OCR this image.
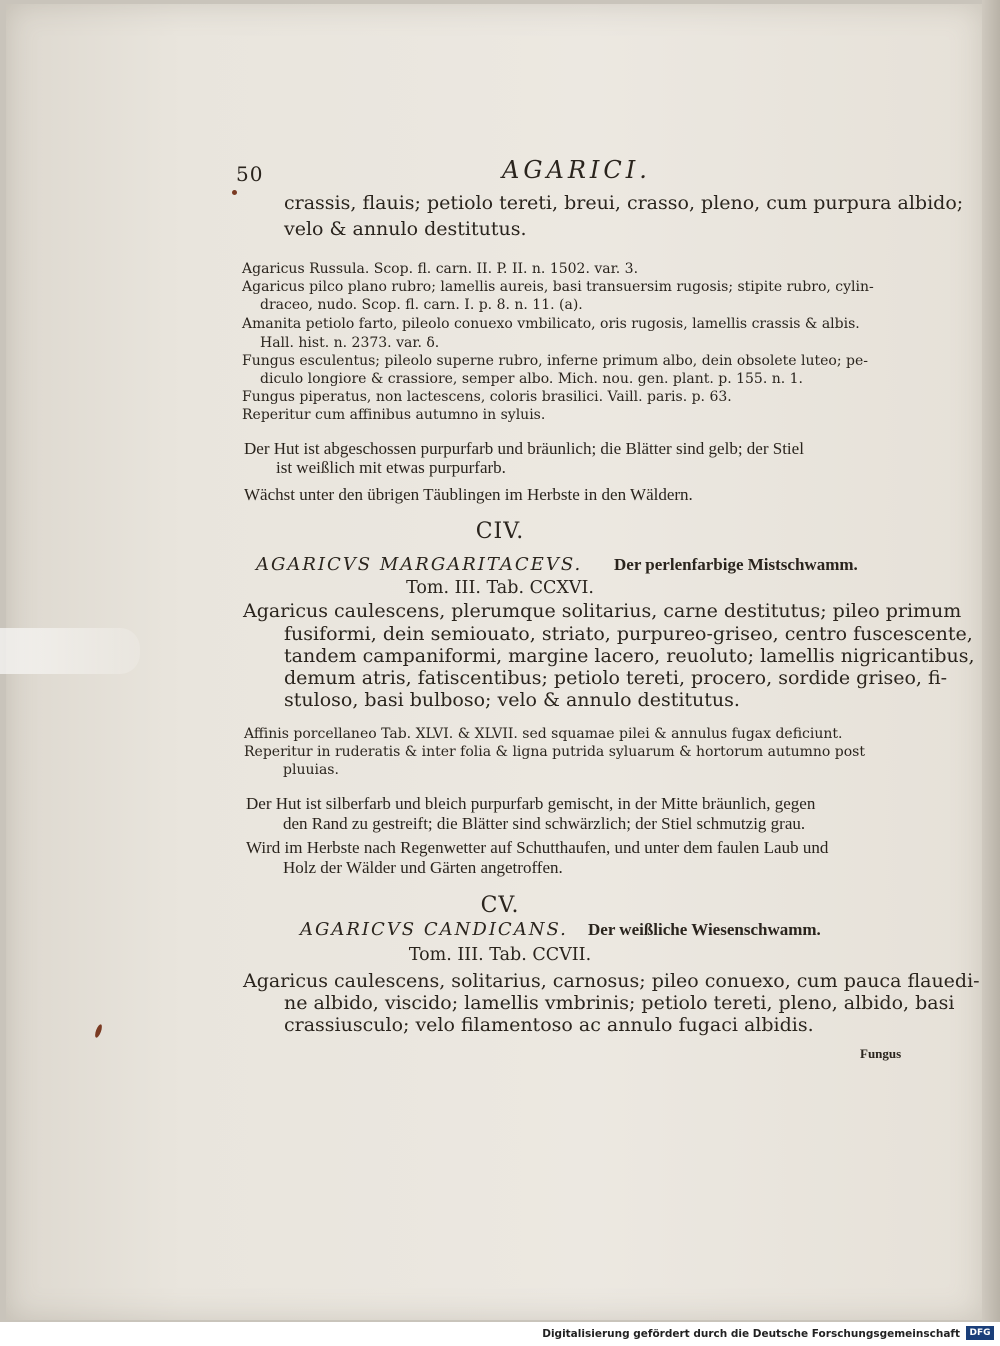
50	AGARICI.
crassis, flauis; petiolo tereti, breui, crasso, pleno, cum purpura albido;
velo & annulo destitutus.
Agaricus Russula. Scop. fl. carn. II. P. II. n. 1502. var. 3.
Agaricus pilco plano rubro; lamellis aureis, basi transuersim rugosis; stipite rubro, cylin-
draceo, nudo. Scop. fl. carn. I. p. 8. n. 11. (a).
Amanita petiolo farto, pileolo conuexo vmbilicato, oris rugosis, lamellis crassis & albis.
Hall. hist. n. 2373. var. δ.
Fungus esculentus; pileolo superne rubro, inferne primum albo, dein obsolete luteo; pe-
diculo longiore & crassiore, semper albo. Mich. nou. gen. plant. p. 155. n. 1.
Fungus piperatus, non lactescens, coloris brasilici. Vaill. paris. p. 63.
Reperitur cum affinibus autumno in syluis.
Der Hut ist abgeschossen purpurfarb und bräunlich; die Blätter sind gelb; der Stiel
ist weißlich mit etwas purpurfarb.
Wächst unter den übrigen Täublingen im Herbste in den Wäldern.
CIV.
AGARICVS MARGARITACEVS. Der perlenfarbige Mistschwamm.
Tom. III. Tab. CCXVI.
Agaricus caulescens, plerumque solitarius, carne destitutus; pileo primum
fusiformi, dein semiouato, striato, purpureo-griseo, centro fuscescente,
tandem campaniformi, margine lacero, reuoluto; lamellis nigricantibus,
demum atris, fatiscentibus; petiolo tereti, procero, sordide griseo, fi-
stuloso, basi bulboso; velo & annulo destitutus.
Affinis porcellaneo Tab. XLVI. & XLVII. sed squamae pilei & annulus fugax deficiunt.
Reperitur in ruderatis & inter folia & ligna putrida syluarum & hortorum autumno post
pluuias.
Der Hut ist silberfarb und bleich purpurfarb gemischt, in der Mitte bräunlich, gegen
den Rand zu gestreift; die Blätter sind schwärzlich; der Stiel schmutzig grau.
Wird im Herbste nach Regenwetter auf Schutthaufen, und unter dem faulen Laub und
Holz der Wälder und Gärten angetroffen.
CV.
AGARICVS CANDICANS. Der weißliche Wiesenschwamm.
Tom. III. Tab. CCVII.
Agaricus caulescens, solitarius, carnosus; pileo conuexo, cum pauca flauedi-
ne albido, viscido; lamellis vmbrinis; petiolo tereti, pleno, albido, basi
crassiusculo; velo filamentoso ac annulo fugaci albidis.
Fungus
Digitalisierung gefördert durch die Deutsche Forschungsgemeinschaft	DFG
